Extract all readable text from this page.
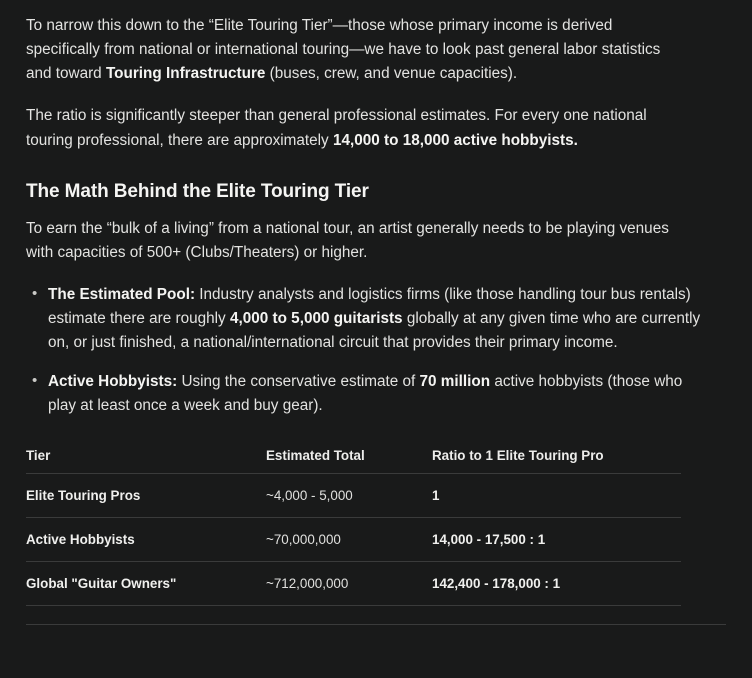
To narrow this down to the “Elite Touring Tier”—those whose primary income is derived specifically from national or international touring—we have to look past general labor statistics and toward Touring Infrastructure (buses, crew, and venue capacities).

The ratio is significantly steeper than general professional estimates. For every one national touring professional, there are approximately 14,000 to 18,000 active hobbyists.

The Math Behind the Elite Touring Tier

To earn the “bulk of a living” from a national tour, an artist generally needs to be playing venues with capacities of 500+ (Clubs/Theaters) or higher.

• The Estimated Pool: Industry analysts and logistics firms (like those handling tour bus rentals) estimate there are roughly 4,000 to 5,000 guitarists globally at any given time who are currently on, or just finished, a national/international circuit that provides their primary income.
• Active Hobbyists: Using the conservative estimate of 70 million active hobbyists (those who play at least once a week and buy gear).
Tier	Estimated Total	Ratio to 1 Elite Touring Pro
Elite Touring Pros	~4,000 - 5,000	1
Active Hobbyists	~70,000,000	14,000 - 17,500 : 1
Global "Guitar Owners"	~712,000,000	142,400 - 178,000 : 1
